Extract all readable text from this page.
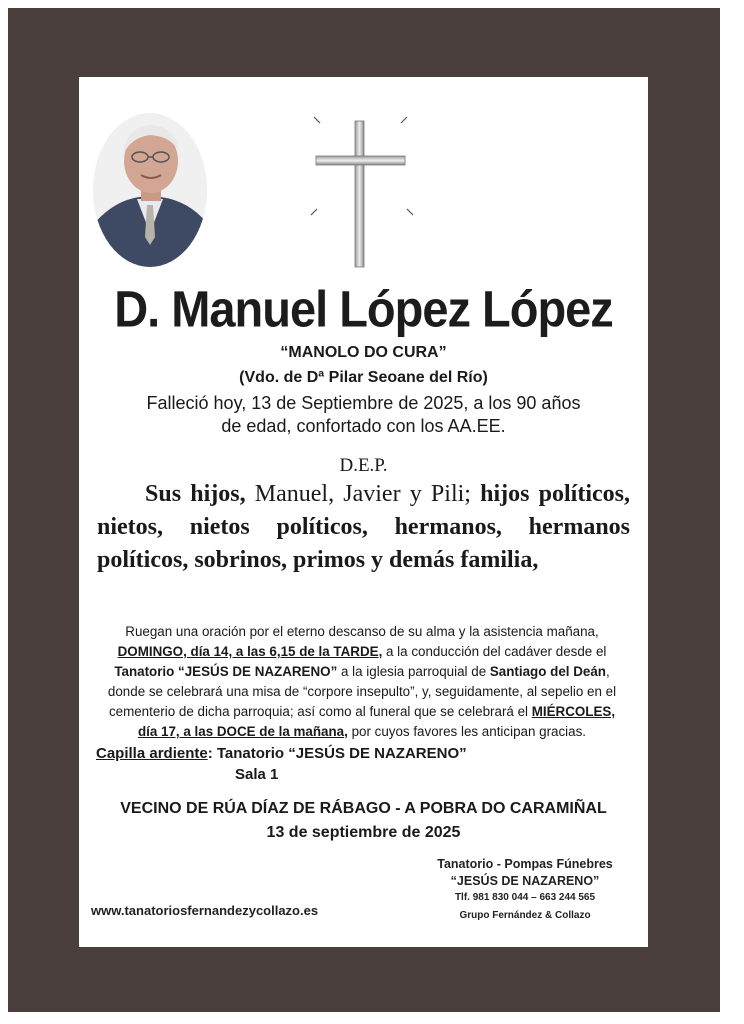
D. Manuel López López
“MANOLO DO CURA”
(Vdo. de Dª Pilar Seoane del Río)
Falleció hoy, 13 de Septiembre de 2025, a los 90 años
de edad, confortado con los AA.EE.
D.E.P.
Sus hijos, Manuel, Javier y Pili; hijos políticos, nietos, nietos políticos, hermanos, hermanos políticos, sobrinos, primos y demás familia,
Ruegan una oración por el eterno descanso de su alma y la asistencia mañana,
DOMINGO, día 14, a las 6,15 de la TARDE, a la conducción del cadáver desde el
Tanatorio “JESÚS DE NAZARENO” a la iglesia parroquial de Santiago del Deán,
donde se celebrará una misa de “corpore insepulto”, y, seguidamente, al sepelio en el
cementerio de dicha parroquia; así como al funeral que se celebrará el MIÉRCOLES,
día 17, a las DOCE de la mañana, por cuyos favores les anticipan gracias.
Capilla ardiente: Tanatorio “JESÚS DE NAZARENO”
Sala 1
VECINO DE RÚA DÍAZ DE RÁBAGO - A POBRA DO CARAMIÑAL
13 de septiembre de 2025
Tanatorio - Pompas Fúnebres
“JESÚS DE NAZARENO”
Tlf. 981 830 044 – 663 244 565
Grupo Fernández & Collazo
www.tanatoriosfernandezycollazo.es
